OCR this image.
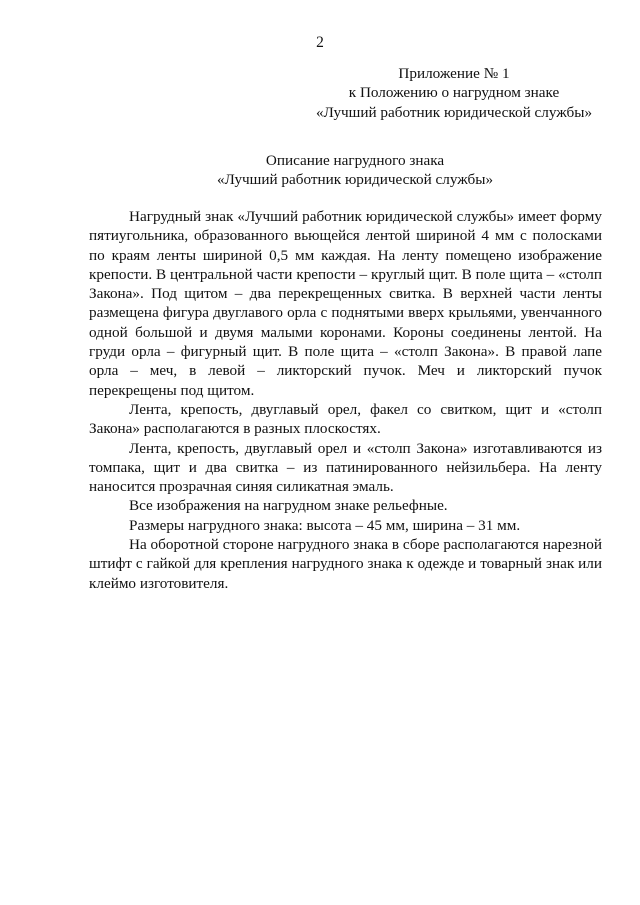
2
Приложение № 1
к Положению о нагрудном знаке
«Лучший работник юридической службы»
Описание нагрудного знака
«Лучший работник юридической службы»

Нагрудный знак «Лучший работник юридической службы» имеет форму пятиугольника, образованного вьющейся лентой шириной 4 мм с полосками по краям ленты шириной 0,5 мм каждая. На ленту помещено изображение крепости. В центральной части крепости – круглый щит. В поле щита – «столп Закона». Под щитом – два перекрещенных свитка. В верхней части ленты размещена фигура двуглавого орла с поднятыми вверх крыльями, увенчанного одной большой и двумя малыми коронами. Короны соединены лентой. На груди орла – фигурный щит. В поле щита – «столп Закона». В правой лапе орла – меч, в левой – ликторский пучок. Меч и ликторский пучок перекрещены под щитом.

Лента, крепость, двуглавый орел, факел со свитком, щит и «столп Закона» располагаются в разных плоскостях.

Лента, крепость, двуглавый орел и «столп Закона» изготавливаются из томпака, щит и два свитка – из патинированного нейзильбера. На ленту наносится прозрачная синяя силикатная эмаль.

Все изображения на нагрудном знаке рельефные.

Размеры нагрудного знака: высота – 45 мм, ширина – 31 мм.

На оборотной стороне нагрудного знака в сборе располагаются нарезной штифт с гайкой для крепления нагрудного знака к одежде и товарный знак или клеймо изготовителя.
